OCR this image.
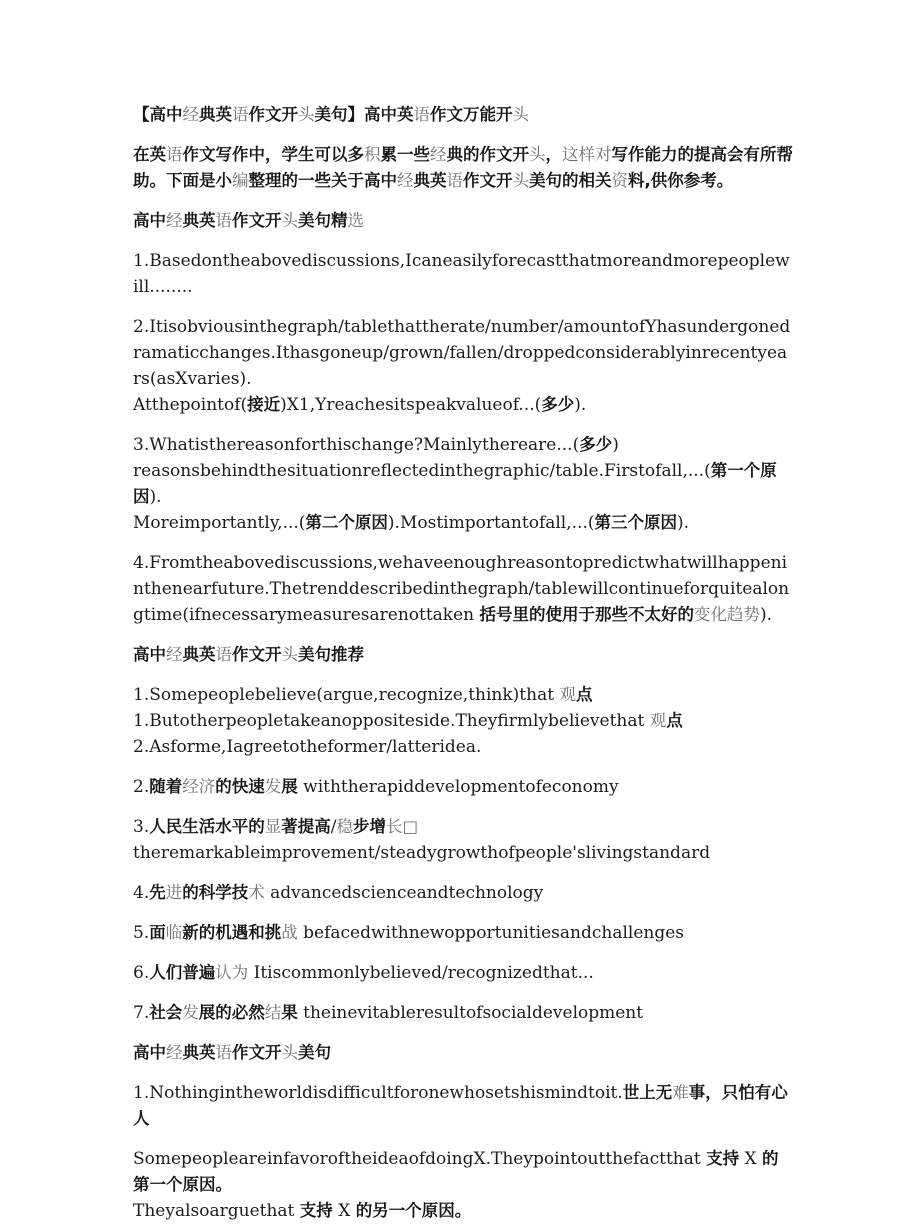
【高中经典英语作文开头美句】高中英语作文万能开头

在英语作文写作中，学生可以多积累一些经典的作文开头，这样对写作能力的提高会有所帮助。下面是小编整理的一些关于高中经典英语作文开头美句的相关资料,供你参考。

高中经典英语作文开头美句精选

1.Basedontheabovediscussions,Icaneasilyforecastthatmoreandmorepeoplewill........

2.Itisobviousinthegraph/tablethattherate/number/amountofYhasundergonedramaticchanges.Ithasgoneup/grown/fallen/droppedconsiderablyinrecentyears(asXvaries).
Atthepointof(接近)X1,Yreachesitspeakvalueof...(多少).

3.Whatisthereasonforthischange?Mainlythereare...(多少)
reasonsbehindthesituationreflectedinthegraphic/table.Firstofall,...(第一个原因).
Moreimportantly,...(第二个原因).Mostimportantofall,...(第三个原因).

4.Fromtheabovediscussions,wehaveenoughreasontopredictwhatwillhappeninthenearfuture.Thetrenddescribedinthegraph/tablewillcontinueforquitealongtime(ifnecessarymeasuresarenottaken 括号里的使用于那些不太好的变化趋势).

高中经典英语作文开头美句推荐

1.Somepeoplebelieve(argue,recognize,think)that 观点
1.Butotherpeopletakeanoppositeside.Theyfirmlybelievethat 观点
2.Asforme,Iagreetotheformer/latteridea.

2.随着经济的快速发展 withtherapiddevelopmentofeconomy

3.人民生活水平的显著提高/稳步增长□
theremarkableimprovement/steadygrowthofpeople'slivingstandard

4.先进的科学技术 advancedscienceandtechnology

5.面临新的机遇和挑战 befacedwithnewopportunitiesandchallenges

6.人们普遍认为 Itiscommonlybelieved/recognizedthat...

7.社会发展的必然结果 theinevitableresultofsocialdevelopment

高中经典英语作文开头美句

1.Nothingintheworldisdifficultforonewhosetshismindtoit.世上无难事，只怕有心人

SomepeopleareinfavoroftheideaofdoingX.Theypointoutthefactthat 支持 X 的第一个原因。
Theyalsoarguethat 支持 X 的另一个原因。
